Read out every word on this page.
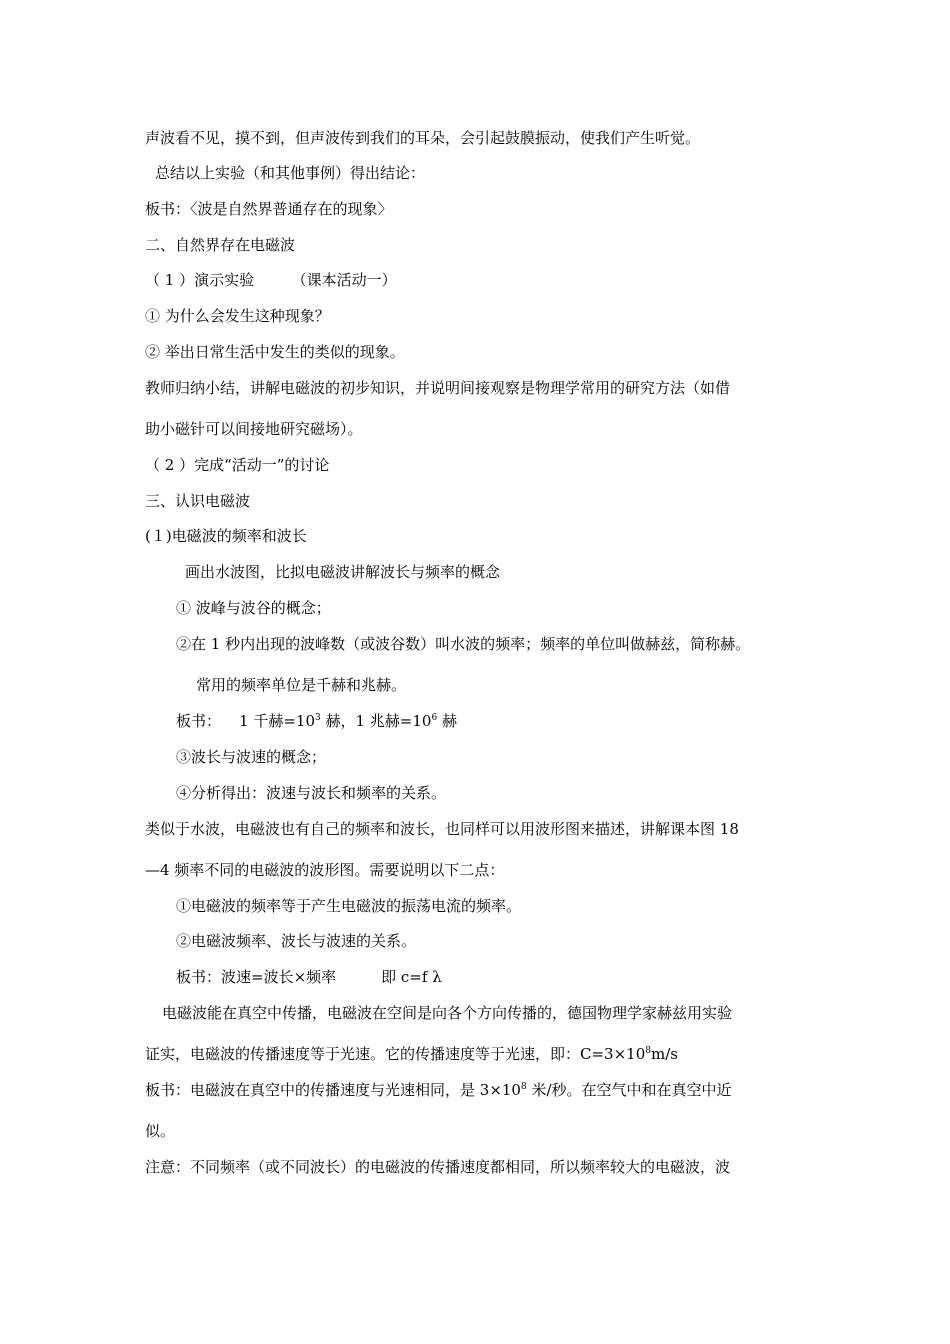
声波看不见，摸不到，但声波传到我们的耳朵，会引起鼓膜振动，使我们产生听觉。
总结以上实验（和其他事例）得出结论：
板书：〈波是自然界普通存在的现象〉
二、自然界存在电磁波
（ 1 ）演示实验　　　（课本活动一）
① 为什么会发生这种现象？
② 举出日常生活中发生的类似的现象。
教师归纳小结，讲解电磁波的初步知识，并说明间接观察是物理学常用的研究方法（如借
助小磁针可以间接地研究磁场）。
（ 2 ）完成“活动一”的讨论
三、认识电磁波
(１)电磁波的频率和波长
画出水波图，比拟电磁波讲解波长与频率的概念
① 波峰与波谷的概念；
②在 1 秒内出现的波峰数（或波谷数）叫水波的频率；频率的单位叫做赫兹，简称赫。
常用的频率单位是千赫和兆赫。
板书： 1 千赫$=10^3$ 赫，1 兆赫$=10^6$ 赫
③波长与波速的概念；
④分析得出：波速与波长和频率的关系。
类似于水波，电磁波也有自己的频率和波长，也同样可以用波形图来描述，讲解课本图 18
—4 频率不同的电磁波的波形图。需要说明以下二点：
①电磁波的频率等于产生电磁波的振荡电流的频率。
②电磁波频率、波长与波速的关系。
板书：波速=波长×频率　　　即 c=f λ
电磁波能在真空中传播，电磁波在空间是向各个方向传播的，德国物理学家赫兹用实验
证实，电磁波的传播速度等于光速。它的传播速度等于光速，即：$C=3\times 10^8m/s$
板书：电磁波在真空中的传播速度与光速相同，是 $3\times 10^8$ 米/秒。在空气中和在真空中近
似。
注意：不同频率（或不同波长）的电磁波的传播速度都相同，所以频率较大的电磁波，波
